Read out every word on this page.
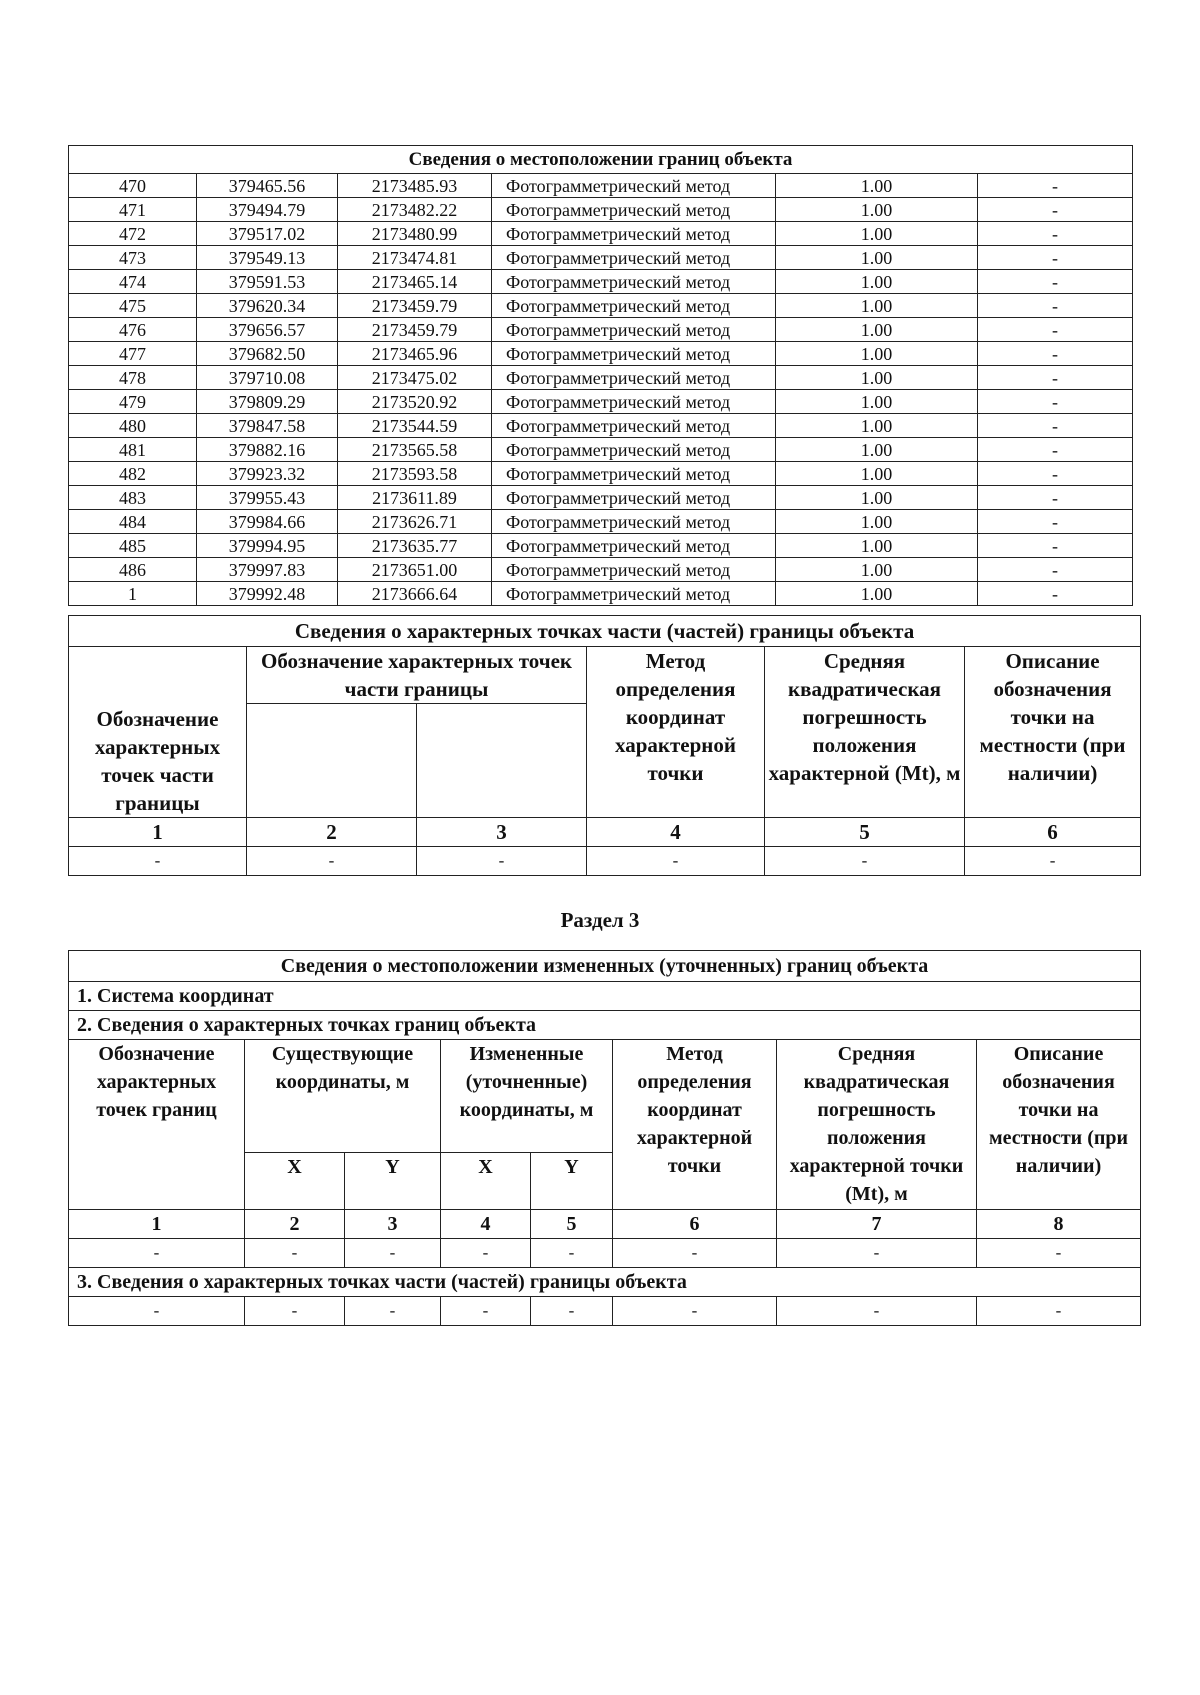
Сведения о местоположении границ объекта					
470	379465.56	2173485.93	Фотограмметрический метод	1.00	-
471	379494.79	2173482.22	Фотограмметрический метод	1.00	-
472	379517.02	2173480.99	Фотограмметрический метод	1.00	-
473	379549.13	2173474.81	Фотограмметрический метод	1.00	-
474	379591.53	2173465.14	Фотограмметрический метод	1.00	-
475	379620.34	2173459.79	Фотограмметрический метод	1.00	-
476	379656.57	2173459.79	Фотограмметрический метод	1.00	-
477	379682.50	2173465.96	Фотограмметрический метод	1.00	-
478	379710.08	2173475.02	Фотограмметрический метод	1.00	-
479	379809.29	2173520.92	Фотограмметрический метод	1.00	-
480	379847.58	2173544.59	Фотограмметрический метод	1.00	-
481	379882.16	2173565.58	Фотограмметрический метод	1.00	-
482	379923.32	2173593.58	Фотограмметрический метод	1.00	-
483	379955.43	2173611.89	Фотограмметрический метод	1.00	-
484	379984.66	2173626.71	Фотограмметрический метод	1.00	-
485	379994.95	2173635.77	Фотограмметрический метод	1.00	-
486	379997.83	2173651.00	Фотограмметрический метод	1.00	-
1	379992.48	2173666.64	Фотограмметрический метод	1.00	-
Сведения о характерных точках части (частей) границы объекта					
Обозначение характерных точек части границы	Обозначение характерных точек части границы		Метод определения координат характерной точки	Средняя квадратическая погрешность положения характерной (Mt), м	Описание обозначения точки на местности (при наличии)

1	2	3	4	5	6
-	-	-	-	-	-
Раздел 3
Сведения о местоположении измененных (уточненных) границ объекта							
1. Система координат							
2. Сведения о характерных точках границ объекта							
Обозначение характерных точек границ	Существующие координаты, м		Измененные (уточненные) координаты, м		Метод определения координат характерной точки	Средняя квадратическая погрешность положения характерной точки (Mt), м	Описание обозначения точки на местности (при наличии)
	X	Y	X	Y			
1	2	3	4	5	6	7	8
-	-	-	-	-	-	-	-
3. Сведения о характерных точках части (частей) границы объекта							
-	-	-	-	-	-	-	-
